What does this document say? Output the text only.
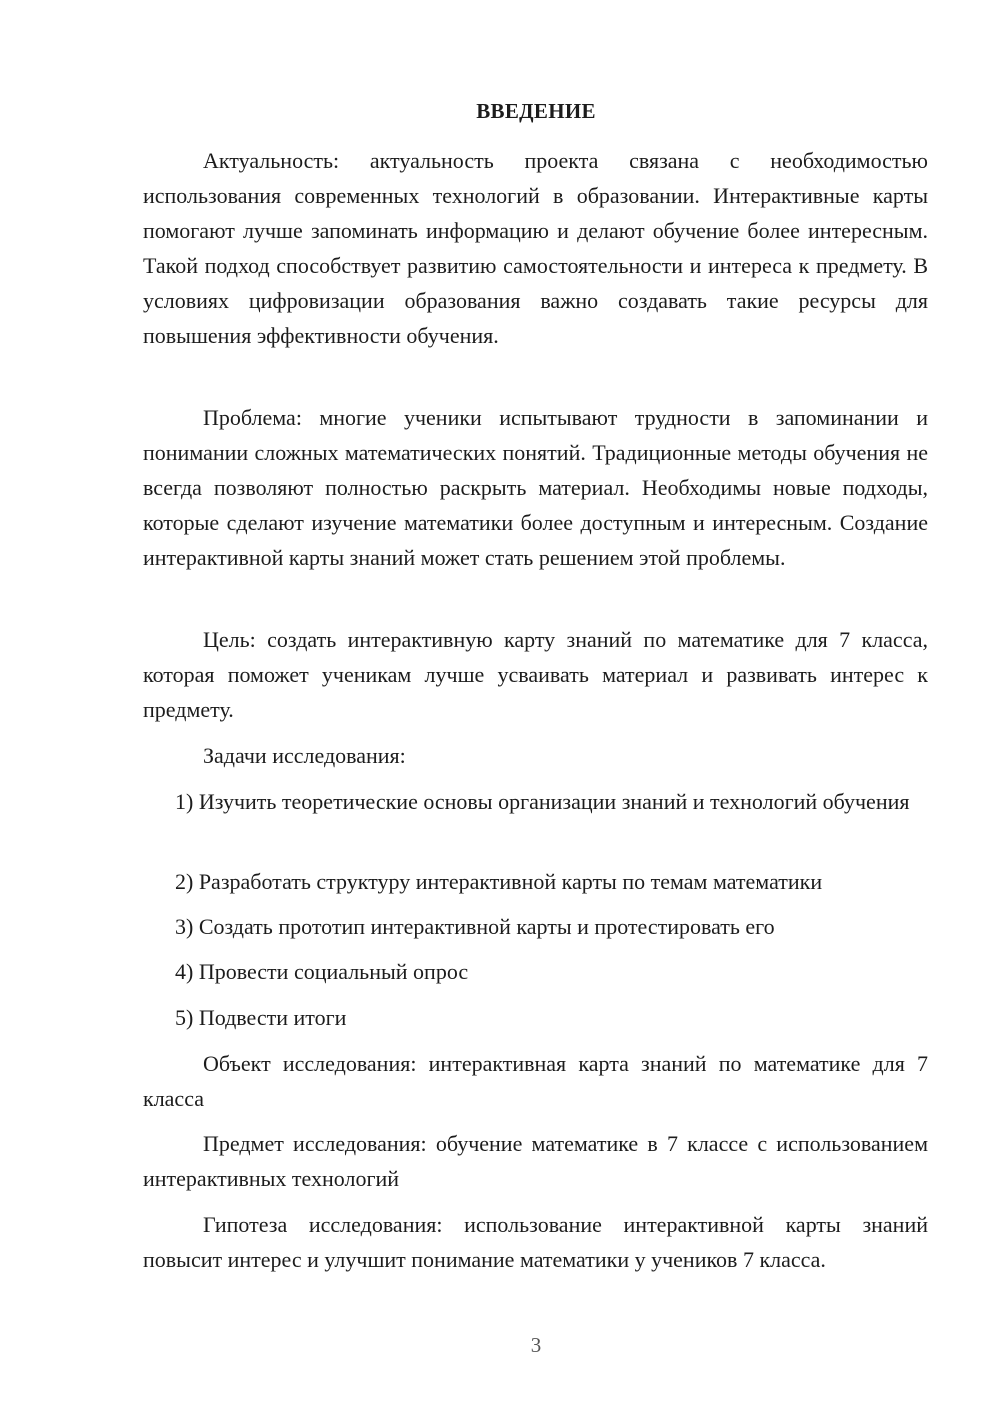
ВВЕДЕНИЕ

Актуальность: актуальность проекта связана с необходимостью использования современных технологий в образовании. Интерактивные карты помогают лучше запоминать информацию и делают обучение более интересным. Такой подход способствует развитию самостоятельности и интереса к предмету. В условиях цифровизации образования важно создавать такие ресурсы для повышения эффективности обучения.

Проблема: многие ученики испытывают трудности в запоминании и понимании сложных математических понятий. Традиционные методы обучения не всегда позволяют полностью раскрыть материал. Необходимы новые подходы, которые сделают изучение математики более доступным и интересным. Создание интерактивной карты знаний может стать решением этой проблемы.

Цель: создать интерактивную карту знаний по математике для 7 класса, которая поможет ученикам лучше усваивать материал и развивать интерес к предмету.

Задачи исследования:

1) Изучить теоретические основы организации знаний и технологий обучения

2) Разработать структуру интерактивной карты по темам математики

3) Создать прототип интерактивной карты и протестировать его

4) Провести социальный опрос

5) Подвести итоги

Объект исследования: интерактивная карта знаний по математике для 7 класса

Предмет исследования: обучение математике в 7 классе с использованием интерактивных технологий

Гипотеза исследования: использование интерактивной карты знаний повысит интерес и улучшит понимание математики у учеников 7 класса.

3
